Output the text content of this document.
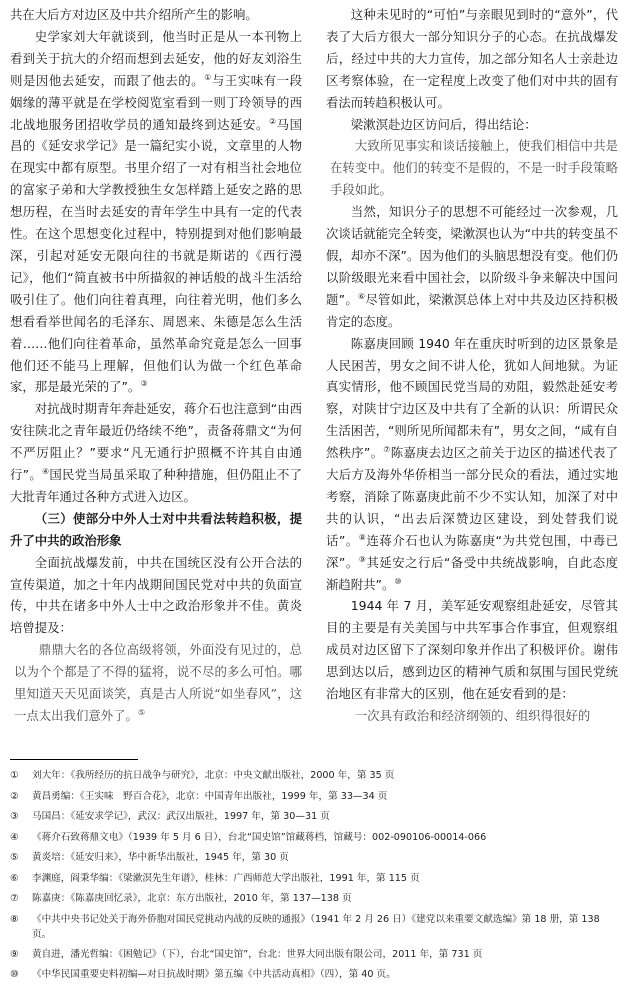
共在大后方对边区及中共介绍所产生的影响。

史学家刘大年就谈到，他当时正是从一本刊物上看到关于抗大的介绍而想到去延安，他的好友刘浴生则是因他去延安，而跟了他去的。①与王实味有一段姻缘的薄平就是在学校阅览室看到一则丁玲领导的西北战地服务团招收学员的通知最终到达延安。②马国昌的《延安求学记》是一篇纪实小说，文章里的人物在现实中都有原型。书里介绍了一对有相当社会地位的富家子弟和大学教授独生女怎样踏上延安之路的思想历程，在当时去延安的青年学生中具有一定的代表性。在这个思想变化过程中，特别提到对他们影响最深，引起对延安无限向往的书就是斯诺的《西行漫记》，他们“简直被书中所描叙的神话般的战斗生活给吸引住了。他们向往着真理，向往着光明，他们多么想看看举世闻名的毛泽东、周恩来、朱德是怎么生活着……他们向往着革命，虽然革命究竟是怎么一回事他们还不能马上理解，但他们认为做一个红色革命家，那是最光荣的了”。③

对抗战时期青年奔赴延安，蒋介石也注意到“由西安往陕北之青年最近仍络续不绝”，责备蒋鼎文“为何不严厉阻止？”要求“凡无通行护照概不许其自由通行”。④国民党当局虽采取了种种措施，但仍阻止不了大批青年通过各种方式进入边区。

（三）使部分中外人士对中共看法转趋积极，提升了中共的政治形象

全面抗战爆发前，中共在国统区没有公开合法的宣传渠道，加之十年内战期间国民党对中共的负面宣传，中共在诸多中外人士中之政治形象并不佳。黄炎培曾提及：

鼎鼎大名的各位高级将领，外面没有见过的，总以为个个都是了不得的猛将，说不尽的多么可怕。哪里知道天天见面谈笑，真是古人所说“如坐春风”，这一点太出我们意外了。⑤

这种未见时的“可怕”与亲眼见到时的“意外”，代表了大后方很大一部分知识分子的心态。在抗战爆发后，经过中共的大力宣传，加之部分知名人士亲赴边区考察体验，在一定程度上改变了他们对中共的固有看法而转趋积极认可。

梁漱溟赴边区访问后，得出结论：

大致所见事实和谈话接触上，使我们相信中共是在转变中。他们的转变不是假的，不是一时手段策略手段如此。

当然，知识分子的思想不可能经过一次参观，几次谈话就能完全转变，梁漱溟也认为“中共的转变虽不假，却亦不深”。因为他们的头脑思想没有变。他们仍以阶级眼光来看中国社会，以阶级斗争来解决中国问题”。⑥尽管如此，梁漱溟总体上对中共及边区持积极肯定的态度。

陈嘉庚回顾 1940 年在重庆时听到的边区景象是人民困苦，男女之间不讲人伦，犹如人间地狱。为证真实情形，他不顾国民党当局的劝阻，毅然赴延安考察，对陕甘宁边区及中共有了全新的认识：所谓民众生活困苦，“则所见所闻都未有”，男女之间，“咸有自然秩序”。⑦陈嘉庚去边区之前关于边区的描述代表了大后方及海外华侨相当一部分民众的看法，通过实地考察，消除了陈嘉庚此前不少不实认知，加深了对中共的认识，“出去后深赞边区建设，到处替我们说话”。⑧连蒋介石也认为陈嘉庚“为共党包围，中毒已深”。⑨其延安之行后“备受中共统战影响，自此态度渐趋附共”。⑩

1944 年 7 月，美军延安观察组赴延安，尽管其目的主要是有关美国与中共军事合作事宜，但观察组成员对边区留下了深刻印象并作出了积极评价。谢伟思到达以后，感到边区的精神气质和氛围与国民党统治地区有非常大的区别，他在延安看到的是：

一次具有政治和经济纲领的、组织得很好的

①	刘大年：《我所经历的抗日战争与研究》，北京：中央文献出版社，2000 年，第 35 页
②	黄昌勇编：《王实味　野百合花》，北京：中国青年出版社，1999 年，第 33—34 页
③	马国昌：《延安求学记》，武汉：武汉出版社，1997 年，第 30—31 页
④	《蒋介石致蒋鼎文电》（1939 年 5 月 6 日），台北“国史馆”馆藏蒋档，馆藏号：002-090106-00014-066
⑤	黄炎培：《延安归来》，华中新华出版社，1945 年，第 30 页
⑥	李渊庭，阎秉华编：《梁漱溟先生年谱》，桂林：广西师范大学出版社，1991 年，第 115 页
⑦	陈嘉庚：《陈嘉庚回忆录》，北京：东方出版社，2010 年，第 137—138 页
⑧	《中共中央书记处关于海外侨胞对国民党挑动内战的反映的通报》（1941 年 2 月 26 日）《建党以来重要文献选编》第 18 册，第 138 页。
⑨	黄自进，潘光哲编：《困勉记》（下），台北“国史馆”，台北：世界大同出版有限公司，2011 年，第 731 页
⑩	《中华民国重要史料初编—对日抗战时期》第五编《中共活动真相》（四），第 40 页。
